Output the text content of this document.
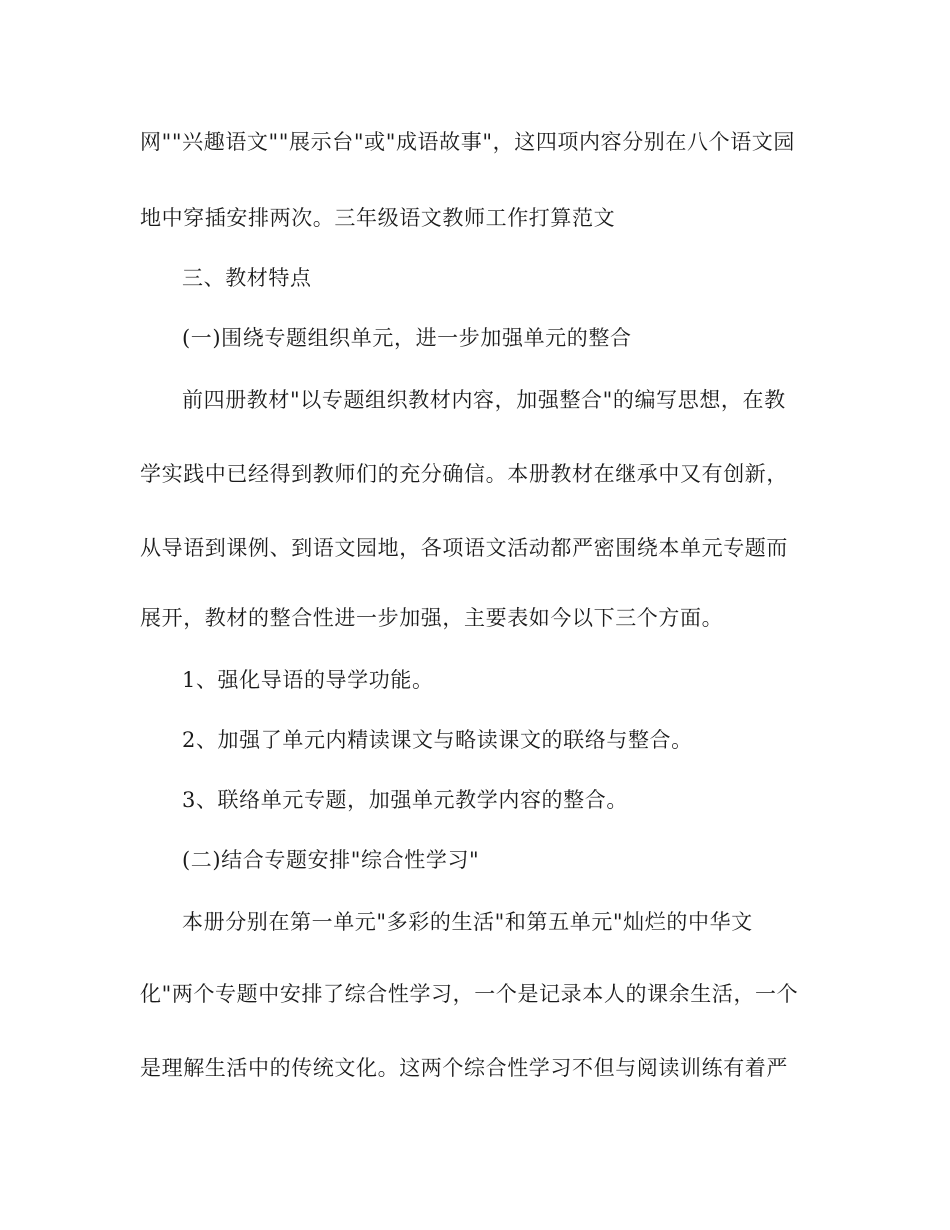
网""兴趣语文""展示台"或"成语故事"，这四项内容分别在八个语文园
地中穿插安排两次。三年级语文教师工作打算范文
三、教材特点
(一)围绕专题组织单元，进一步加强单元的整合
前四册教材"以专题组织教材内容，加强整合"的编写思想，在教
学实践中已经得到教师们的充分确信。本册教材在继承中又有创新，
从导语到课例、到语文园地，各项语文活动都严密围绕本单元专题而
展开，教材的整合性进一步加强，主要表如今以下三个方面。
1、强化导语的导学功能。
2、加强了单元内精读课文与略读课文的联络与整合。
3、联络单元专题，加强单元教学内容的整合。
(二)结合专题安排"综合性学习"
本册分别在第一单元"多彩的生活"和第五单元"灿烂的中华文
化"两个专题中安排了综合性学习，一个是记录本人的课余生活，一个
是理解生活中的传统文化。这两个综合性学习不但与阅读训练有着严
